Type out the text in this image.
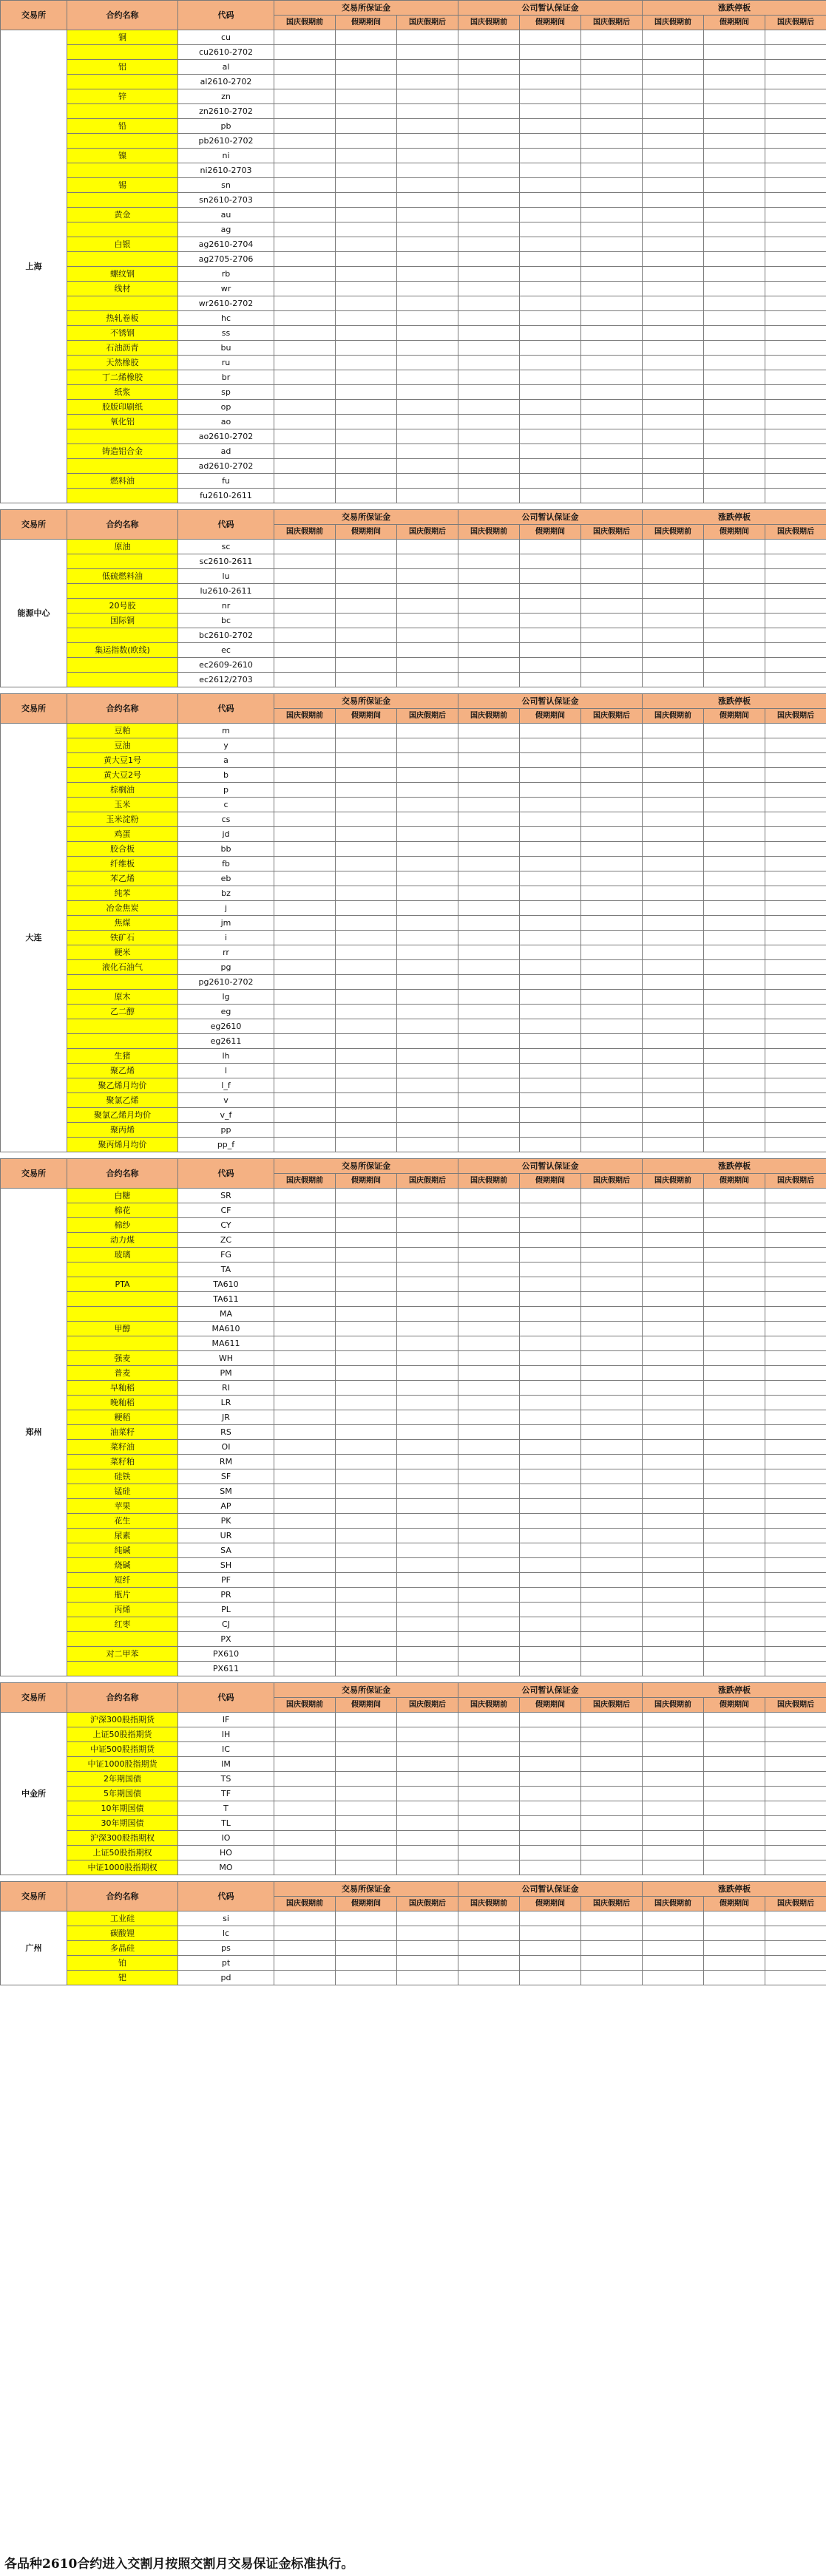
交易所	合约名称	代码	交易所保证金			公司暂认保证金			涨跌停板		
			国庆假期前	假期期间	国庆假期后	国庆假期前	假期期间	国庆假期后	国庆假期前	假期期间	国庆假期后
上海	铜	cu									
		cu2610-2702									
	铝	al									
		al2610-2702									
	锌	zn									
		zn2610-2702									
	铅	pb									
		pb2610-2702									
	镍	ni									
		ni2610-2703									
	锡	sn									
		sn2610-2703									
	黄金	au									
		ag									
	白银	ag2610-2704									
		ag2705-2706									
	螺纹钢	rb									
	线材	wr									
		wr2610-2702									
	热轧卷板	hc									
	不锈钢	ss									
	石油沥青	bu									
	天然橡胶	ru									
	丁二烯橡胶	br									
	纸浆	sp									
	胶版印刷纸	op									
	氧化铝	ao									
		ao2610-2702									
	铸造铝合金	ad									
		ad2610-2702									
	燃料油	fu									
		fu2610-2611									
交易所	合约名称	代码	交易所保证金			公司暂认保证金			涨跌停板		
			国庆假期前	假期期间	国庆假期后	国庆假期前	假期期间	国庆假期后	国庆假期前	假期期间	国庆假期后
能源中心	原油	sc									
		sc2610-2611									
	低硫燃料油	lu									
		lu2610-2611									
	20号胶	nr									
	国际铜	bc									
		bc2610-2702									
	集运指数(欧线)	ec									
		ec2609-2610									
		ec2612/2703									
交易所	合约名称	代码	交易所保证金			公司暂认保证金			涨跌停板		
			国庆假期前	假期期间	国庆假期后	国庆假期前	假期期间	国庆假期后	国庆假期前	假期期间	国庆假期后
大连	豆粕	m									
	豆油	y									
	黄大豆1号	a									
	黄大豆2号	b									
	棕榈油	p									
	玉米	c									
	玉米淀粉	cs									
	鸡蛋	jd									
	胶合板	bb									
	纤维板	fb									
	苯乙烯	eb									
	纯苯	bz									
	冶金焦炭	j									
	焦煤	jm									
	铁矿石	i									
	粳米	rr									
	液化石油气	pg									
		pg2610-2702									
	原木	lg									
	乙二醇	eg									
		eg2610									
		eg2611									
	生猪	lh									
	聚乙烯	l									
	聚乙烯月均价	l_f									
	聚氯乙烯	v									
	聚氯乙烯月均价	v_f									
	聚丙烯	pp									
	聚丙烯月均价	pp_f									
交易所	合约名称	代码	交易所保证金			公司暂认保证金			涨跌停板		
			国庆假期前	假期期间	国庆假期后	国庆假期前	假期期间	国庆假期后	国庆假期前	假期期间	国庆假期后
郑州	白糖	SR									
	棉花	CF									
	棉纱	CY									
	动力煤	ZC									
	玻璃	FG									
		TA									
	PTA	TA610									
		TA611									
		MA									
	甲醇	MA610									
		MA611									
	强麦	WH									
	普麦	PM									
	早籼稻	RI									
	晚籼稻	LR									
	粳稻	JR									
	油菜籽	RS									
	菜籽油	OI									
	菜籽粕	RM									
	硅铁	SF									
	锰硅	SM									
	苹果	AP									
	花生	PK									
	尿素	UR									
	纯碱	SA									
	烧碱	SH									
	短纤	PF									
	瓶片	PR									
	丙烯	PL									
	红枣	CJ									
		PX									
	对二甲苯	PX610									
		PX611									
交易所	合约名称	代码	交易所保证金			公司暂认保证金			涨跌停板		
			国庆假期前	假期期间	国庆假期后	国庆假期前	假期期间	国庆假期后	国庆假期前	假期期间	国庆假期后
中金所	沪深300股指期货	IF									
	上证50股指期货	IH									
	中证500股指期货	IC									
	中证1000股指期货	IM									
	2年期国债	TS									
	5年期国债	TF									
	10年期国债	T									
	30年期国债	TL									
	沪深300股指期权	IO									
	上证50股指期权	HO									
	中证1000股指期权	MO									
交易所	合约名称	代码	交易所保证金			公司暂认保证金			涨跌停板		
			国庆假期前	假期期间	国庆假期后	国庆假期前	假期期间	国庆假期后	国庆假期前	假期期间	国庆假期后
广州	工业硅	si									
	碳酸锂	lc									
	多晶硅	ps									
	铂	pt									
	钯	pd									
各品种2610合约进入交割月按照交割月交易保证金标准执行。
